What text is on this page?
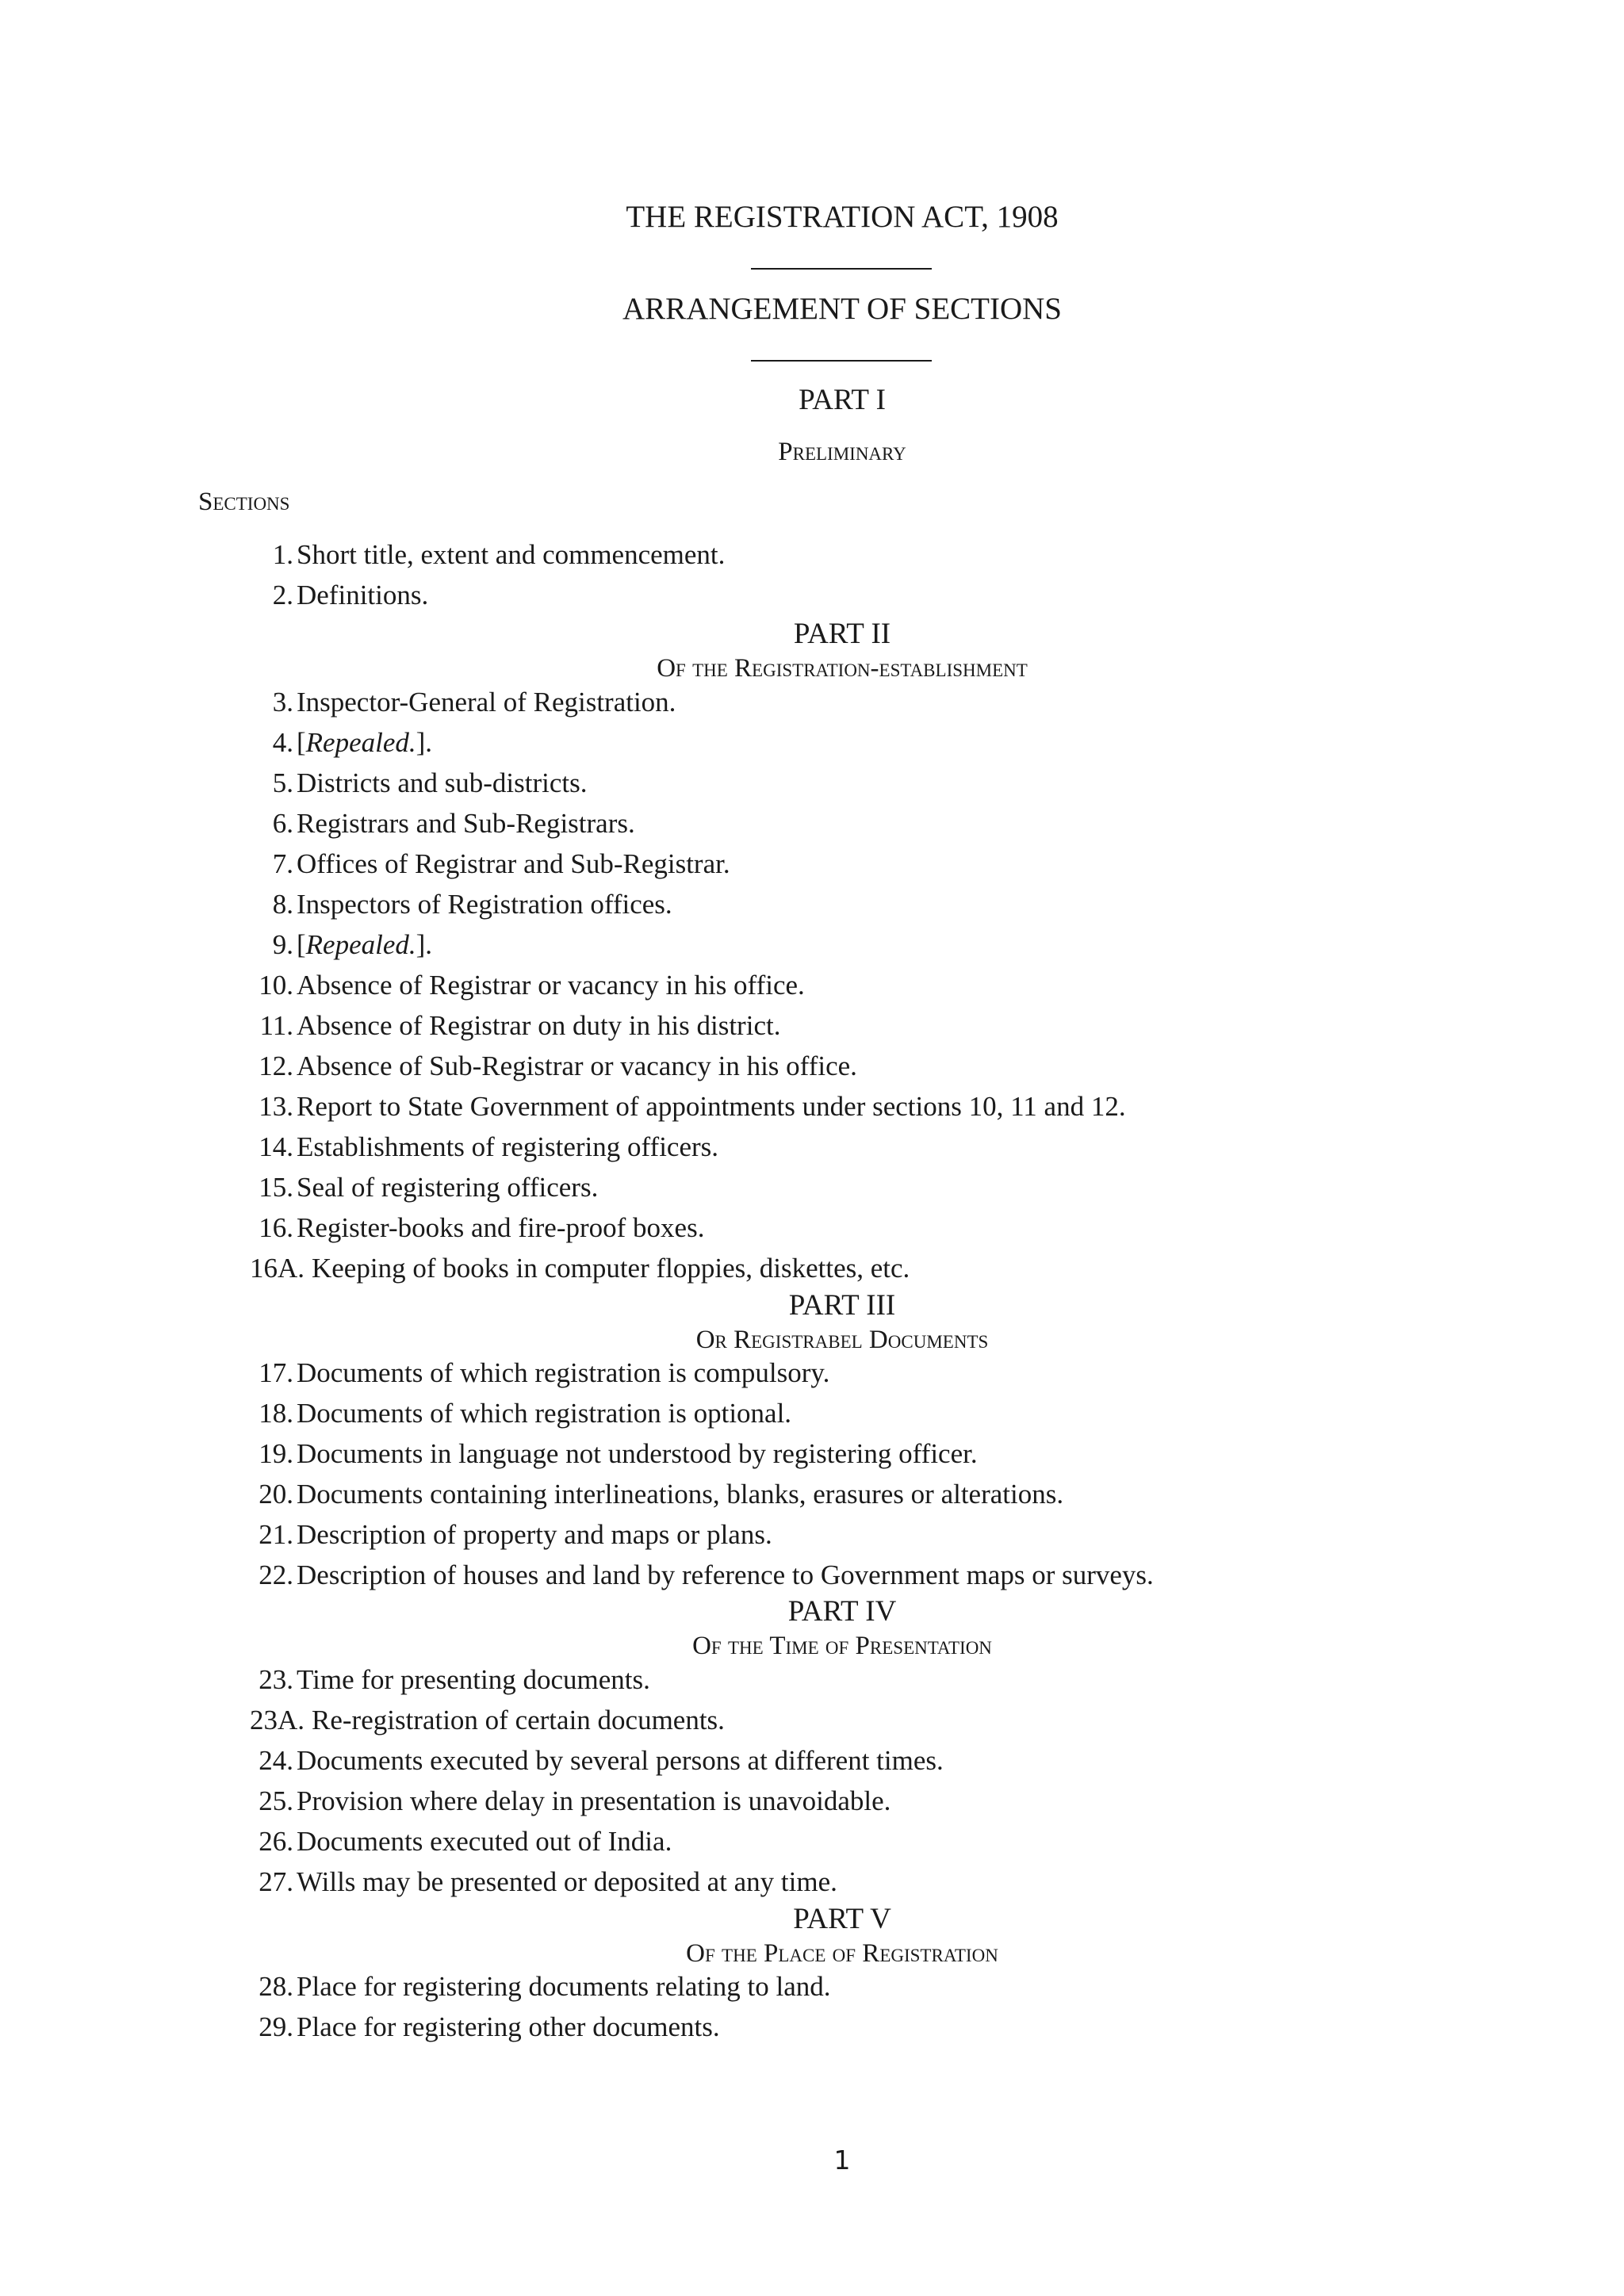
THE REGISTRATION ACT, 1908
ARRANGEMENT OF SECTIONS
PART I
Preliminary
Sections
1. Short title, extent and commencement.
2. Definitions.
PART II
Of the Registration-establishment
3. Inspector-General of Registration.
4. [Repealed.].
5. Districts and sub-districts.
6. Registrars and Sub-Registrars.
7. Offices of Registrar and Sub-Registrar.
8. Inspectors of Registration offices.
9. [Repealed.].
10. Absence of Registrar or vacancy in his office.
11. Absence of Registrar on duty in his district.
12. Absence of Sub-Registrar or vacancy in his office.
13. Report to State Government of appointments under sections 10, 11 and 12.
14. Establishments of registering officers.
15. Seal of registering officers.
16. Register-books and fire-proof boxes.
16A. Keeping of books in computer floppies, diskettes, etc.
PART III
Or Registrabel Documents
17. Documents of which registration is compulsory.
18. Documents of which registration is optional.
19. Documents in language not understood by registering officer.
20. Documents containing interlineations, blanks, erasures or alterations.
21. Description of property and maps or plans.
22. Description of houses and land by reference to Government maps or surveys.
PART IV
Of the Time of Presentation
23. Time for presenting documents.
23A. Re-registration of certain documents.
24. Documents executed by several persons at different times.
25. Provision where delay in presentation is unavoidable.
26. Documents executed out of India.
27. Wills may be presented or deposited at any time.
PART V
Of the Place of Registration
28. Place for registering documents relating to land.
29. Place for registering other documents.
1
